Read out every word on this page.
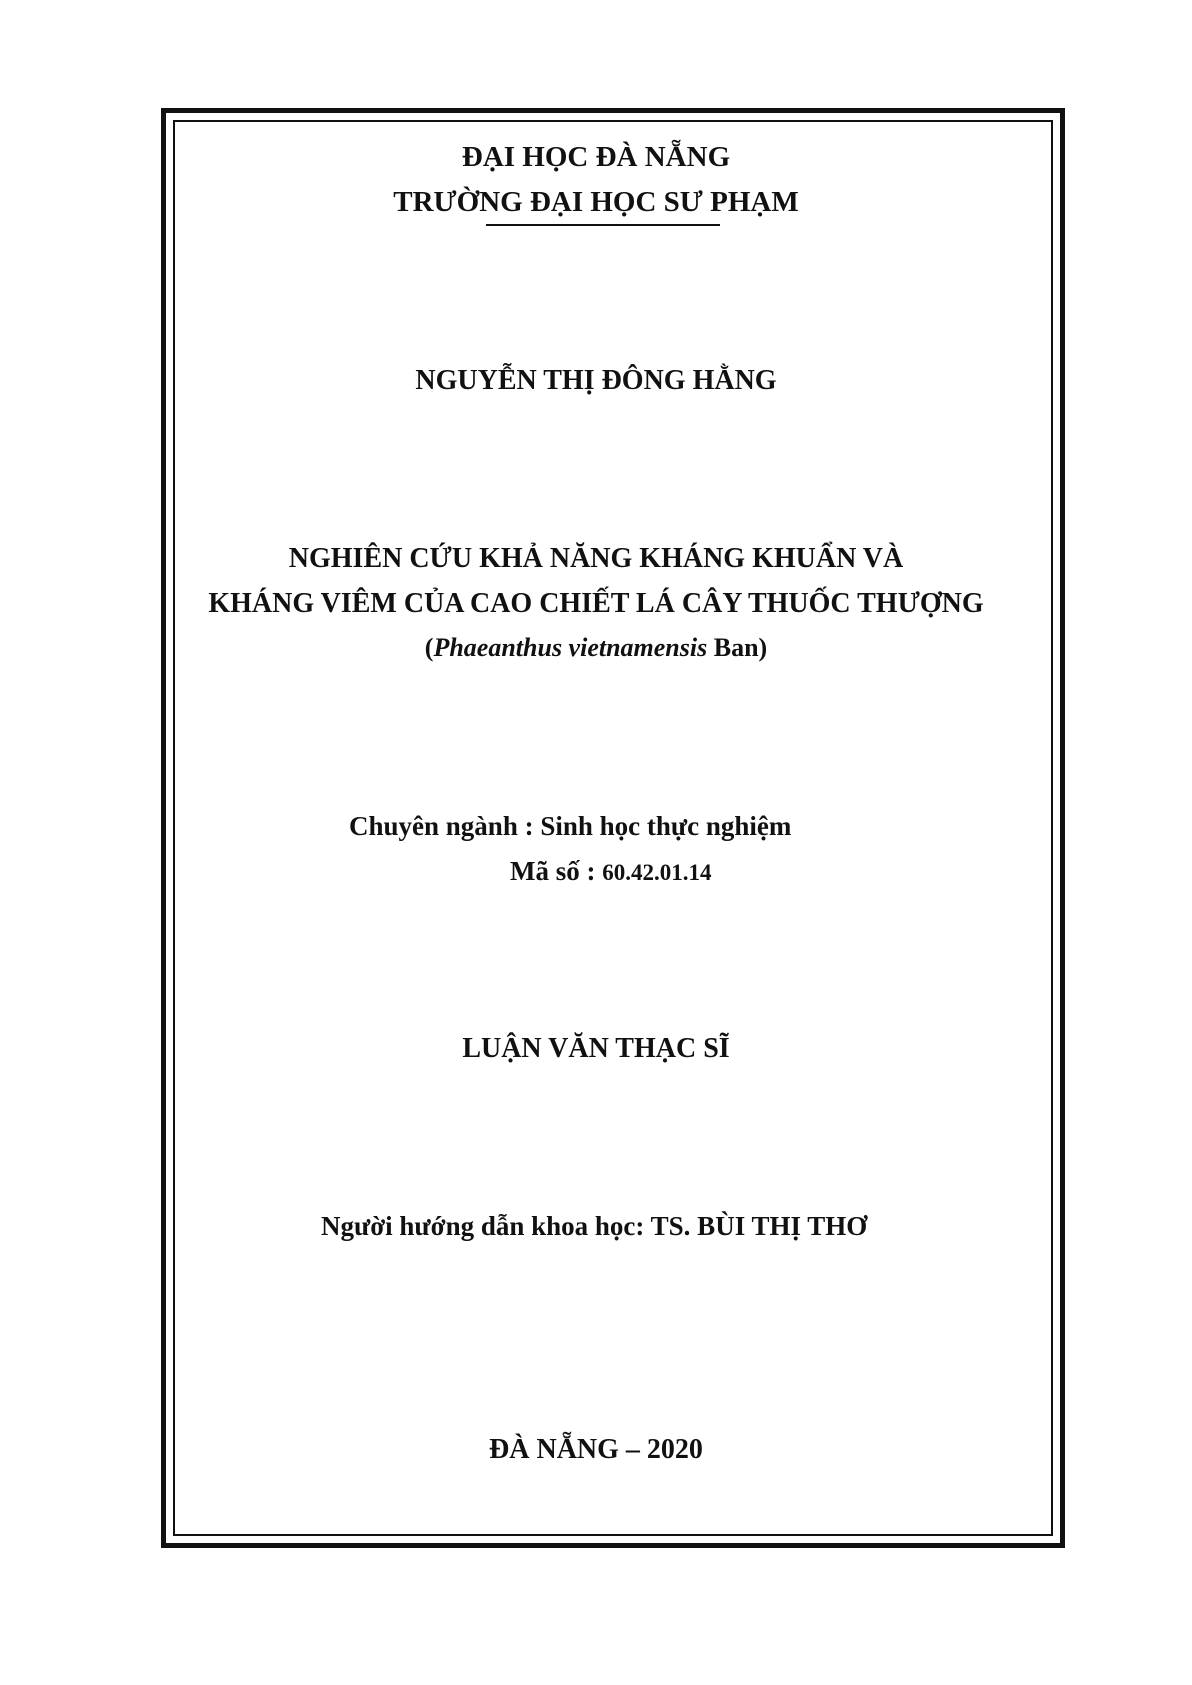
ĐẠI HỌC ĐÀ NẴNG
TRƯỜNG ĐẠI HỌC SƯ PHẠM
NGUYỄN THỊ ĐÔNG HẰNG
NGHIÊN CỨU KHẢ NĂNG KHÁNG KHUẨN VÀ
KHÁNG VIÊM CỦA CAO CHIẾT LÁ CÂY THUỐC THƯỢNG
(Phaeanthus vietnamensis Ban)
Chuyên ngành : Sinh học thực nghiệm
Mã số : 60.42.01.14
LUẬN VĂN THẠC SĨ
Người hướng dẫn khoa học: TS. BÙI THỊ THƠ
ĐÀ NẴNG – 2020
